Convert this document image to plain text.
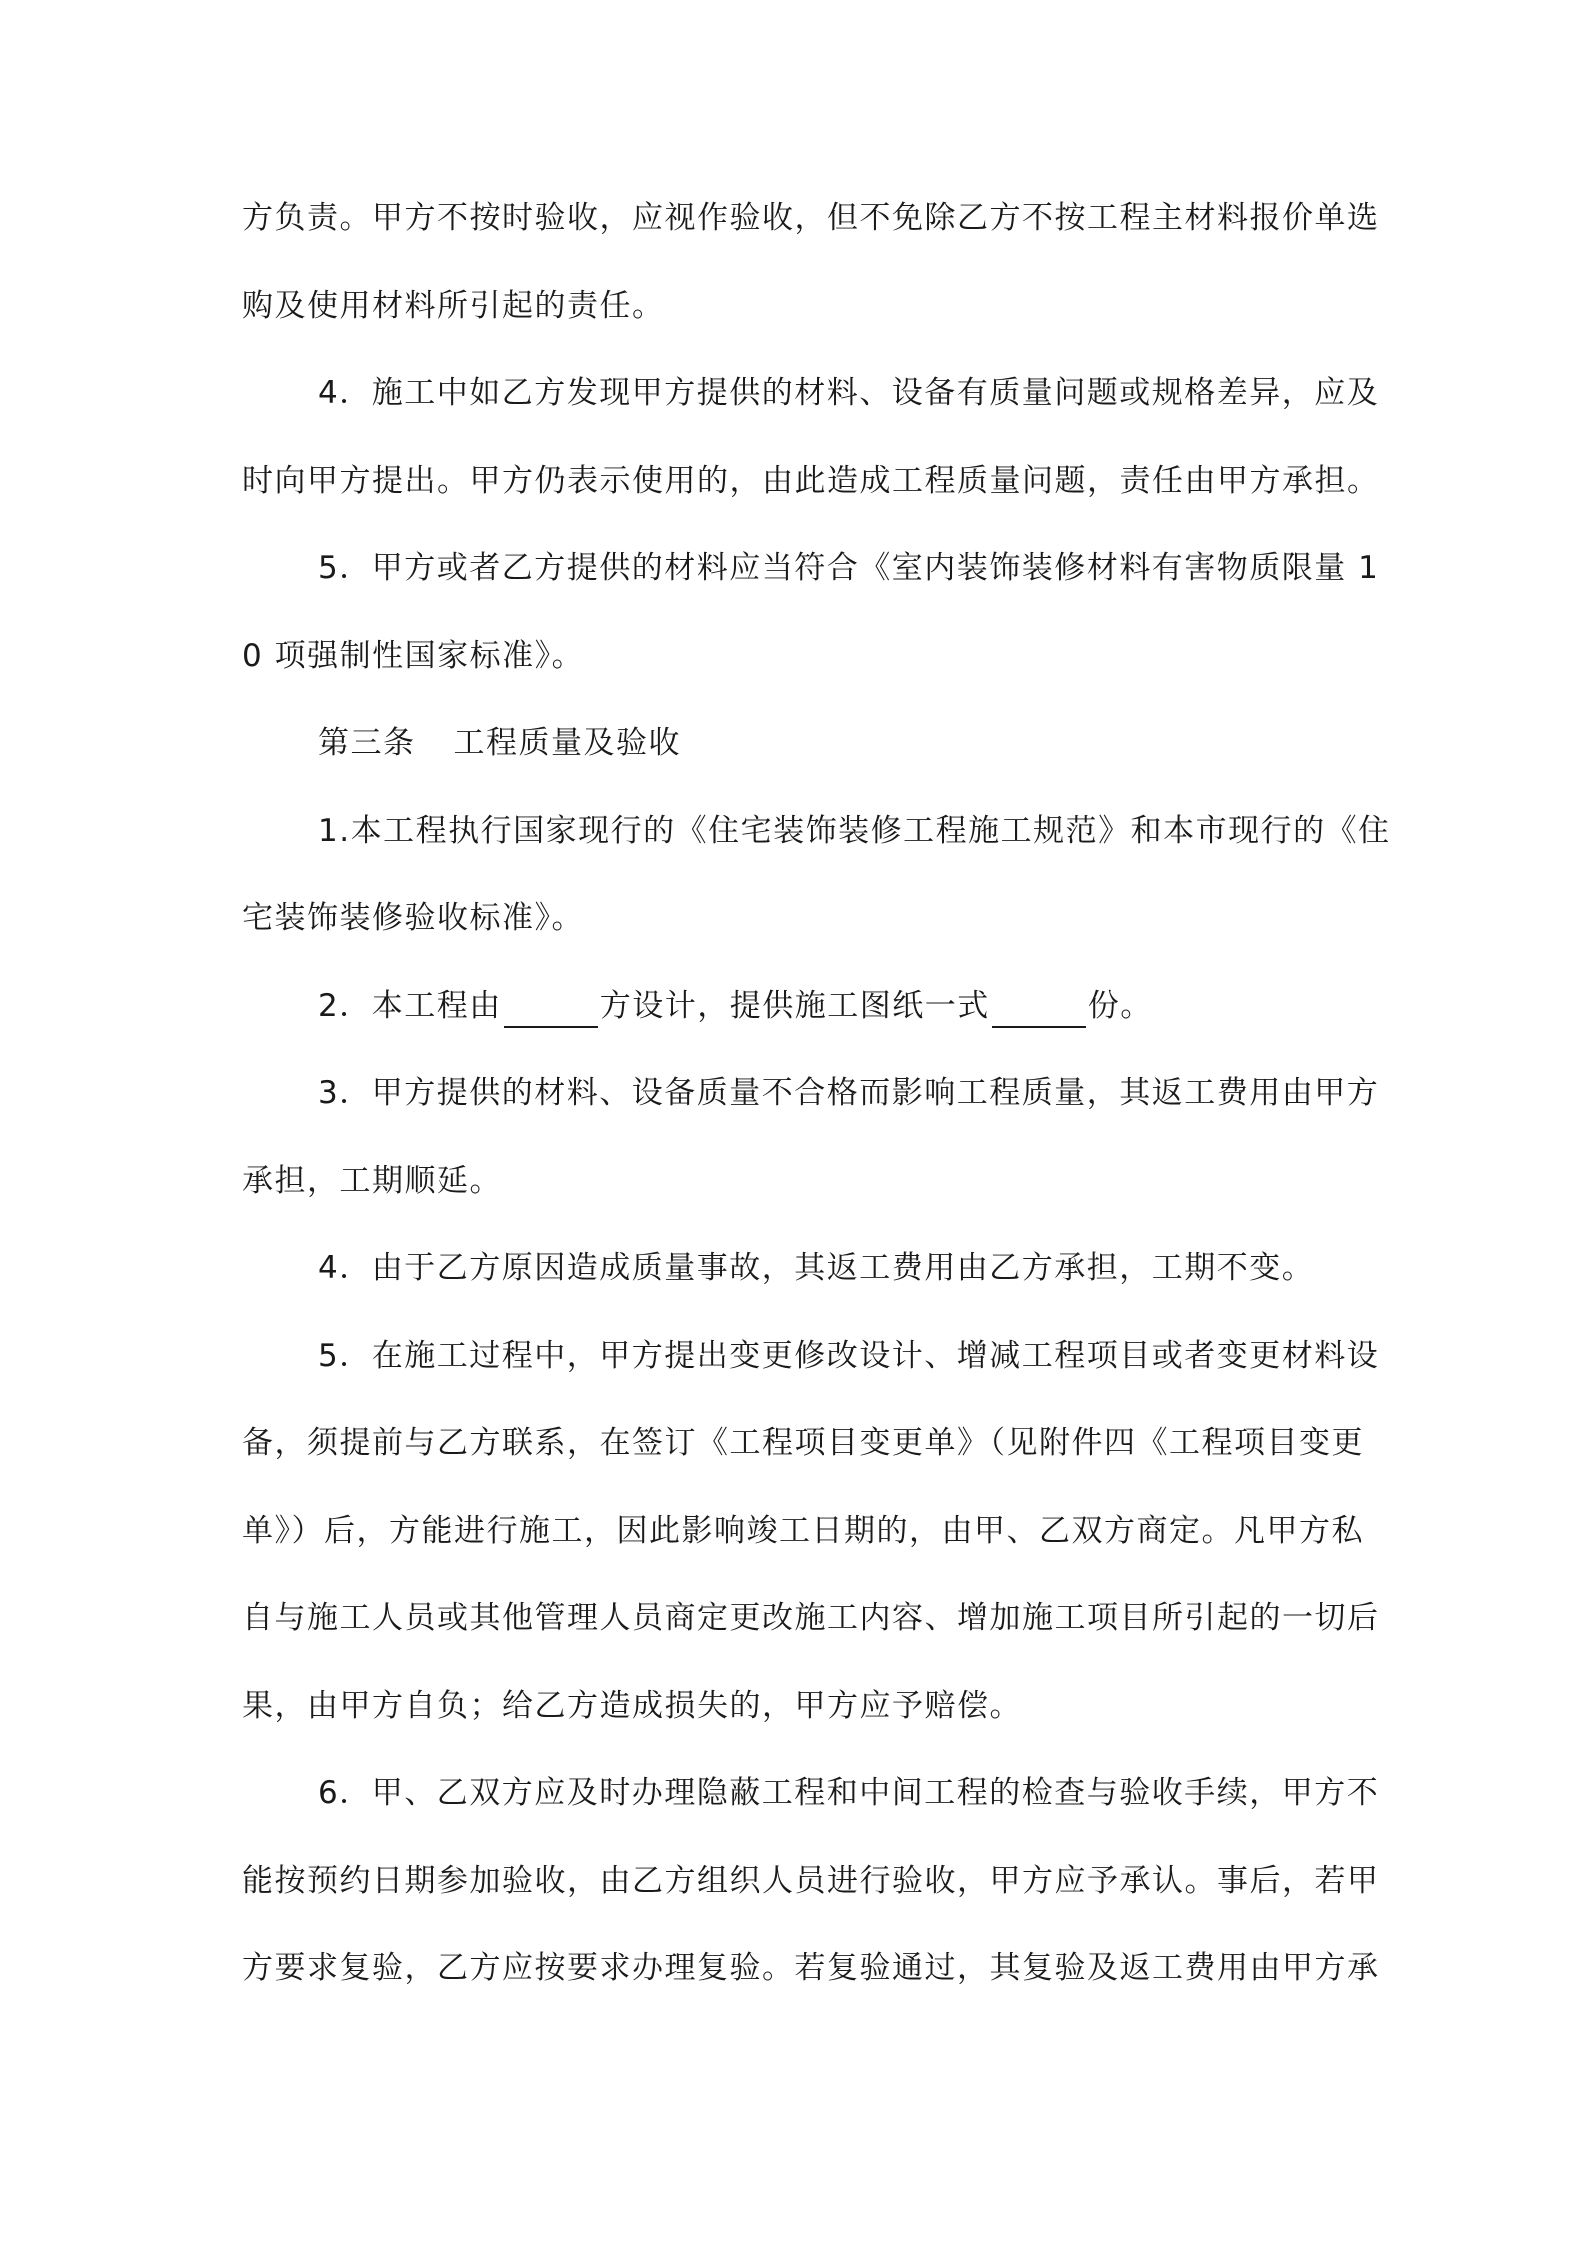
方负责。甲方不按时验收，应视作验收，但不免除乙方不按工程主材料报价单选
购及使用材料所引起的责任。
4．施工中如乙方发现甲方提供的材料、设备有质量问题或规格差异，应及
时向甲方提出。甲方仍表示使用的，由此造成工程质量问题，责任由甲方承担。
5．甲方或者乙方提供的材料应当符合《室内装饰装修材料有害物质限量 1
0 项强制性国家标准》。
第三条 工程质量及验收
1.本工程执行国家现行的《住宅装饰装修工程施工规范》和本市现行的《住
宅装饰装修验收标准》。
2．本工程由	方设计，提供施工图纸一式	份。
3．甲方提供的材料、设备质量不合格而影响工程质量，其返工费用由甲方
承担，工期顺延。
4．由于乙方原因造成质量事故，其返工费用由乙方承担，工期不变。
5．在施工过程中，甲方提出变更修改设计、增减工程项目或者变更材料设
备，须提前与乙方联系，在签订《工程项目变更单》（见附件四《工程项目变更
单》）后，方能进行施工，因此影响竣工日期的，由甲、乙双方商定。凡甲方私
自与施工人员或其他管理人员商定更改施工内容、增加施工项目所引起的一切后
果，由甲方自负；给乙方造成损失的，甲方应予赔偿。
6．甲、乙双方应及时办理隐蔽工程和中间工程的检查与验收手续，甲方不
能按预约日期参加验收，由乙方组织人员进行验收，甲方应予承认。事后，若甲
方要求复验，乙方应按要求办理复验。若复验通过，其复验及返工费用由甲方承
